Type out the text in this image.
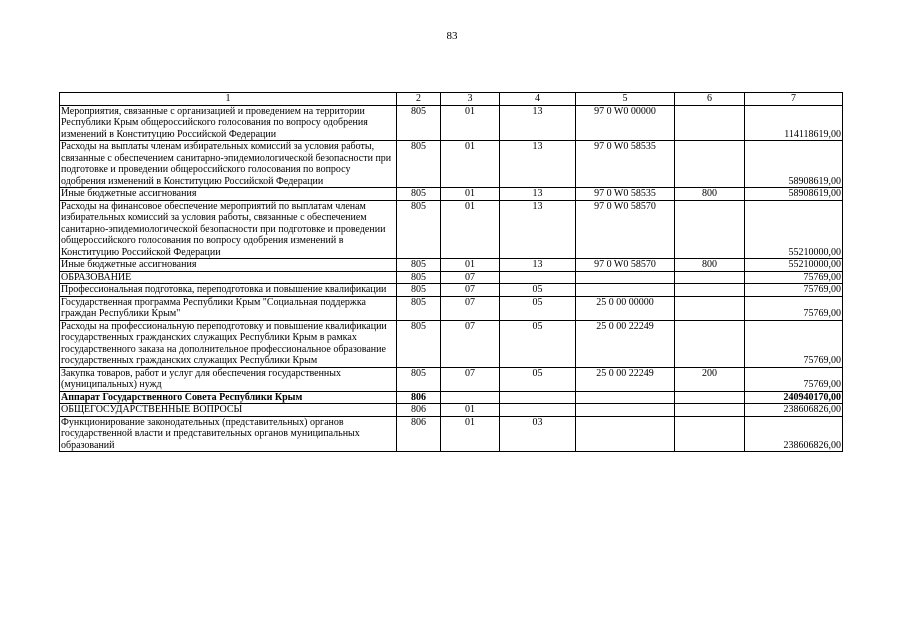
83
1	2	3	4	5	6	7
Мероприятия, связанные с организацией и проведением на территории Республики Крым общероссийского голосования по вопросу одобрения изменений в Конституцию Российской Федерации	805	01	13	97 0 W0 00000		114118619,00
Расходы на выплаты членам избирательных комиссий за условия работы, связанные с обеспечением санитарно-эпидемиологической безопасности при подготовке и проведении общероссийского голосования по вопросу одобрения изменений в Конституцию Российской Федерации	805	01	13	97 0 W0 58535		58908619,00
Иные бюджетные ассигнования	805	01	13	97 0 W0 58535	800	58908619,00
Расходы на финансовое обеспечение мероприятий по выплатам членам избирательных комиссий за условия работы, связанные с обеспечением санитарно-эпидемиологической безопасности при подготовке и проведении общероссийского голосования по вопросу одобрения изменений в Конституцию Российской Федерации	805	01	13	97 0 W0 58570		55210000,00
Иные бюджетные ассигнования	805	01	13	97 0 W0 58570	800	55210000,00
ОБРАЗОВАНИЕ	805	07				75769,00
Профессиональная подготовка, переподготовка и повышение квалификации	805	07	05			75769,00
Государственная программа Республики Крым "Социальная поддержка граждан Республики Крым"	805	07	05	25 0 00 00000		75769,00
Расходы на профессиональную переподготовку и повышение квалификации государственных гражданских служащих Республики Крым в рамках государственного заказа на дополнительное профессиональное образование государственных гражданских служащих Республики Крым	805	07	05	25 0 00 22249		75769,00
Закупка товаров, работ и услуг для обеспечения государственных (муниципальных) нужд	805	07	05	25 0 00 22249	200	75769,00
Аппарат Государственного Совета Республики Крым	806					240940170,00
ОБЩЕГОСУДАРСТВЕННЫЕ ВОПРОСЫ	806	01				238606826,00
Функционирование законодательных (представительных) органов государственной власти и представительных органов муниципальных образований	806	01	03			238606826,00
